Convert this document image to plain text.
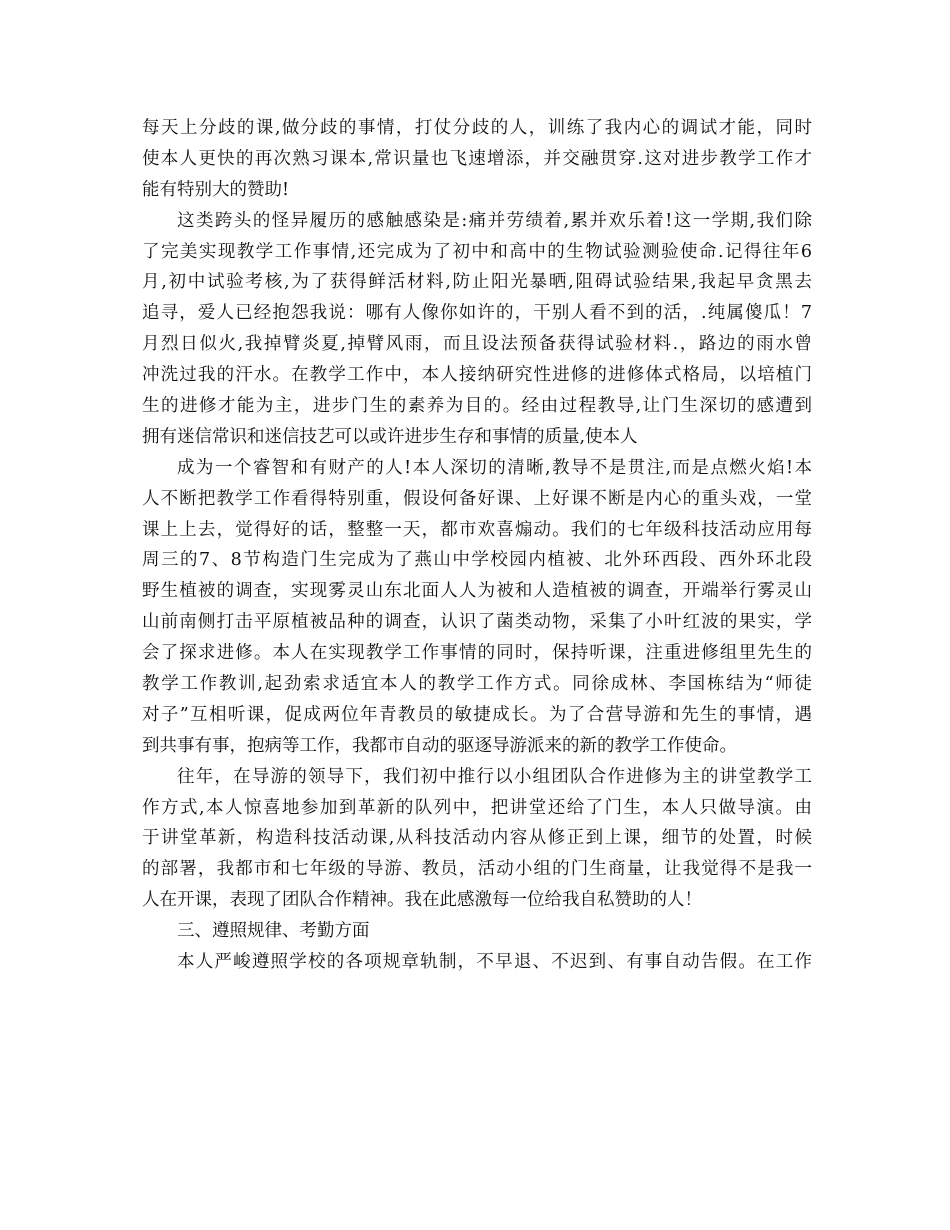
每天上分歧的课,做分歧的事情，打仗分歧的人，训练了我内心的调试才能，同时
使本人更快的再次熟习课本,常识量也飞速增添，并交融贯穿.这对进步教学工作才
能有特别大的赞助!
这类跨头的怪异履历的感触感染是:痛并劳绩着,累并欢乐着!这一学期,我们除
了完美实现教学工作事情,还完成为了初中和高中的生物试验测验使命.记得往年6
月,初中试验考核,为了获得鲜活材料,防止阳光暴晒,阻碍试验结果,我起早贪黑去
追寻，爱人已经抱怨我说：哪有人像你如许的，干别人看不到的活，.纯属傻瓜！7
月烈日似火,我掉臂炎夏,掉臂风雨，而且设法预备获得试验材料.，路边的雨水曾
冲洗过我的汗水。在教学工作中，本人接纳研究性进修的进修体式格局，以培植门
生的进修才能为主，进步门生的素养为目的。经由过程教导,让门生深切的感遭到
拥有迷信常识和迷信技艺可以或许进步生存和事情的质量,使本人
成为一个睿智和有财产的人!本人深切的清晰,教导不是贯注,而是点燃火焰!本
人不断把教学工作看得特别重，假设何备好课、上好课不断是内心的重头戏，一堂
课上上去，觉得好的话，整整一天，都市欢喜煽动。我们的七年级科技活动应用每
周三的7、8节构造门生完成为了燕山中学校园内植被、北外环西段、西外环北段
野生植被的调查，实现雾灵山东北面人人为被和人造植被的调查，开端举行雾灵山
山前南侧打击平原植被品种的调查，认识了菌类动物，采集了小叶红波的果实，学
会了探求进修。本人在实现教学工作事情的同时，保持听课，注重进修组里先生的
教学工作教训,起劲索求适宜本人的教学工作方式。同徐成林、李国栋结为“师徒
对子”互相听课，促成两位年青教员的敏捷成长。为了合营导游和先生的事情，遇
到共事有事，抱病等工作，我都市自动的驱逐导游派来的新的教学工作使命。
往年，在导游的领导下，我们初中推行以小组团队合作进修为主的讲堂教学工
作方式,本人惊喜地参加到革新的队列中，把讲堂还给了门生，本人只做导演。由
于讲堂革新，构造科技活动课,从科技活动内容从修正到上课，细节的处置，时候
的部署，我都市和七年级的导游、教员，活动小组的门生商量，让我觉得不是我一
人在开课，表现了团队合作精神。我在此感激每一位给我自私赞助的人！
三、遵照规律、考勤方面
本人严峻遵照学校的各项规章轨制，不早退、不迟到、有事自动告假。在工作
